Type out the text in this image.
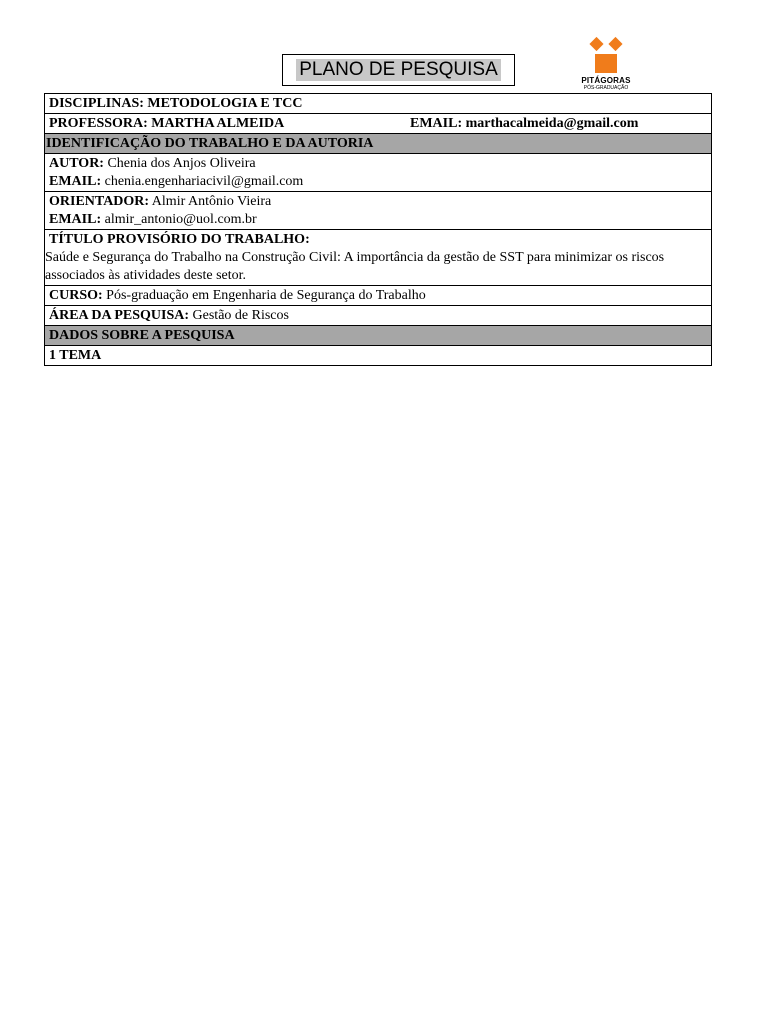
PLANO DE PESQUISA
PITÁGORAS
PÓS-GRADUAÇÃO
DISCIPLINAS: METODOLOGIA E TCC
PROFESSORA: MARTHA ALMEIDA	EMAIL: marthacalmeida@gmail.com
IDENTIFICAÇÃO DO TRABALHO E DA AUTORIA
AUTOR: Chenia dos Anjos Oliveira
EMAIL: chenia.engenhariacivil@gmail.com
ORIENTADOR: Almir Antônio Vieira
EMAIL: almir_antonio@uol.com.br
TÍTULO PROVISÓRIO DO TRABALHO:
Saúde e Segurança do Trabalho na Construção Civil: A importância da gestão de SST para minimizar os riscos associados às atividades deste setor.
CURSO: Pós-graduação em Engenharia de Segurança do Trabalho
ÁREA DA PESQUISA: Gestão de Riscos
DADOS SOBRE A PESQUISA
1 TEMA
